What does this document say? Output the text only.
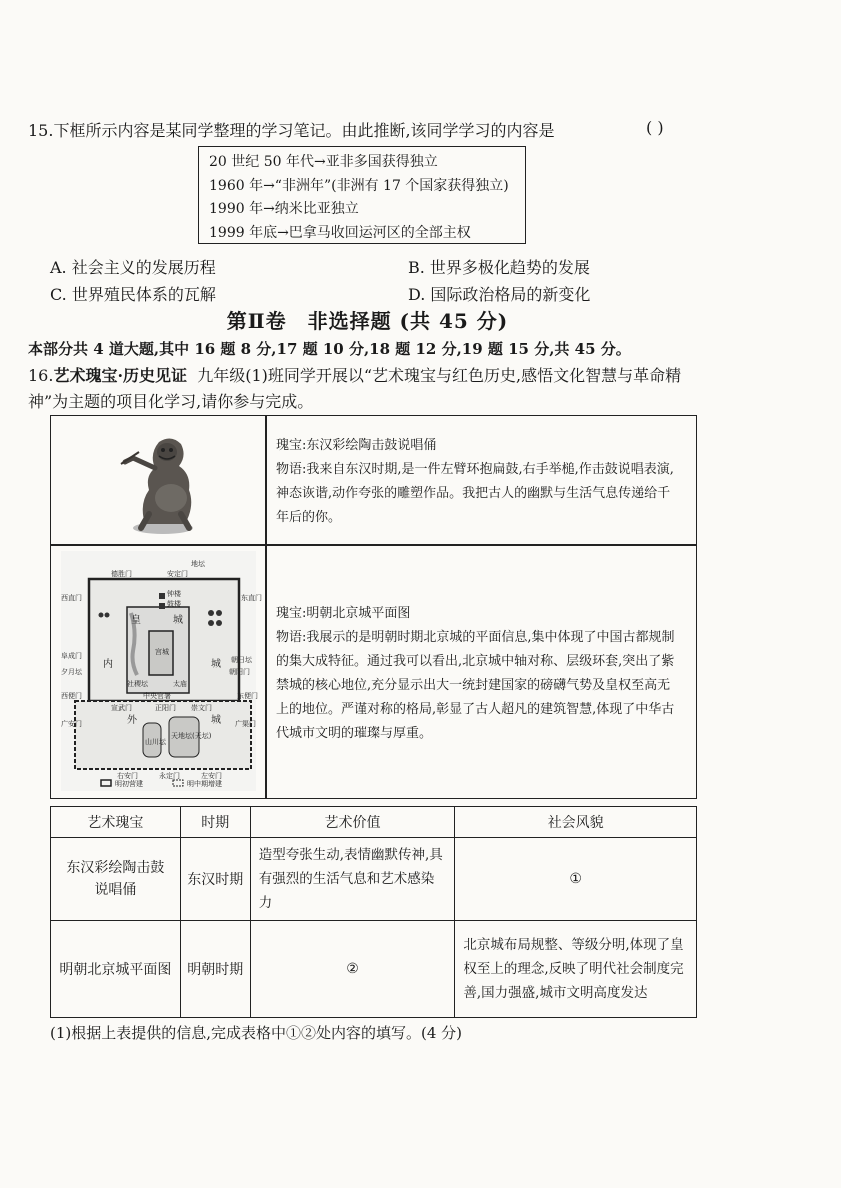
15.下框所示内容是某同学整理的学习笔记。由此推断,该同学学习的内容是	( )
20 世纪 50 年代→亚非多国获得独立
1960 年→“非洲年”(非洲有 17 个国家获得独立)
1990 年→纳米比亚独立
1999 年底→巴拿马收回运河区的全部主权
A. 社会主义的发展历程	B. 世界多极化趋势的发展
C. 世界殖民体系的瓦解	D. 国际政治格局的新变化
第Ⅱ卷　非选择题 (共 45 分)
本部分共 4 道大题,其中 16 题 8 分,17 题 10 分,18 题 12 分,19 题 15 分,共 45 分。
16.艺术瑰宝·历史见证 九年级(1)班同学开展以“艺术瑰宝与红色历史,感悟文化智慧与革命精神”为主题的项目化学习,请你参与完成。
瑰宝:东汉彩绘陶击鼓说唱俑
物语:我来自东汉时期,是一件左臂环抱扁鼓,右手举槌,作击鼓说唱表演,神态诙谐,动作夸张的雕塑作品。我把古人的幽默与生活气息传递给千年后的你。
德胜门	安定门
地坛
钟楼
鼓楼
东直门
朝阳门
西直门
阜成门
皇	城
宫城
内	城
太庙
社稷坛
中央官署
夕月坛
朝日坛
宣武门	正阳门 崇文门
外	城
山川坛
天地坛(天坛)
广渠门
广安门
左安门
永定门
右安门
东便门
西便门
明初营建	明中期增建
瑰宝:明朝北京城平面图
物语:我展示的是明朝时期北京城的平面信息,集中体现了中国古都规制的集大成特征。通过我可以看出,北京城中轴对称、层级环套,突出了紫禁城的核心地位,充分显示出大一统封建国家的磅礴气势及皇权至高无上的地位。严谨对称的格局,彰显了古人超凡的建筑智慧,体现了中华古代城市文明的璀璨与厚重。
艺术瑰宝	时期	艺术价值	社会风貌
东汉彩绘陶击鼓说唱俑	东汉时期	造型夸张生动,表情幽默传神,具有强烈的生活气息和艺术感染力	①
明朝北京城平面图	明朝时期	②	北京城布局规整、等级分明,体现了皇权至上的理念,反映了明代社会制度完善,国力强盛,城市文明高度发达
(1)根据上表提供的信息,完成表格中①②处内容的填写。(4 分)
